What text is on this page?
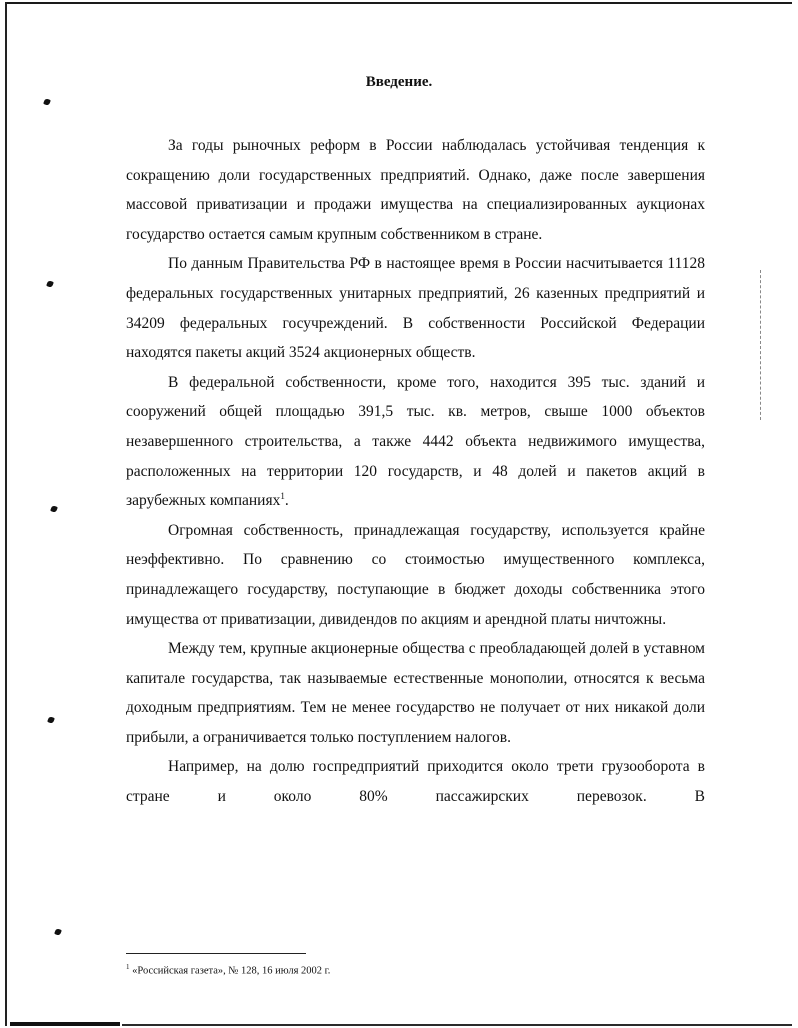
Введение.

За годы рыночных реформ в России наблюдалась устойчивая тенденция к сокращению доли государственных предприятий. Однако, даже после завершения массовой приватизации и продажи имущества на специализированных аукционах государство остается самым крупным собственником в стране.

По данным Правительства РФ в настоящее время в России насчитывается 11128 федеральных государственных унитарных предприятий, 26 казенных предприятий и 34209 федеральных госучреждений. В собственности Российской Федерации находятся пакеты акций 3524 акционерных обществ.

В федеральной собственности, кроме того, находится 395 тыс. зданий и сооружений общей площадью 391,5 тыс. кв. метров, свыше 1000 объектов незавершенного строительства, а также 4442 объекта недвижимого имущества, расположенных на территории 120 государств, и 48 долей и пакетов акций в зарубежных компаниях$^1$.

Огромная собственность, принадлежащая государству, используется крайне неэффективно. По сравнению со стоимостью имущественного комплекса, принадлежащего государству, поступающие в бюджет доходы собственника этого имущества от приватизации, дивидендов по акциям и арендной платы ничтожны.

Между тем, крупные акционерные общества с преобладающей долей в уставном капитале государства, так называемые естественные монополии, относятся к весьма доходным предприятиям. Тем не менее государство не получает от них никакой доли прибыли, а ограничивается только поступлением налогов.

Например, на долю госпредприятий приходится около трети грузооборота в стране и около 80% пассажирских перевозок. В

$^1$ «Российская газета», № 128, 16 июля 2002 г.
